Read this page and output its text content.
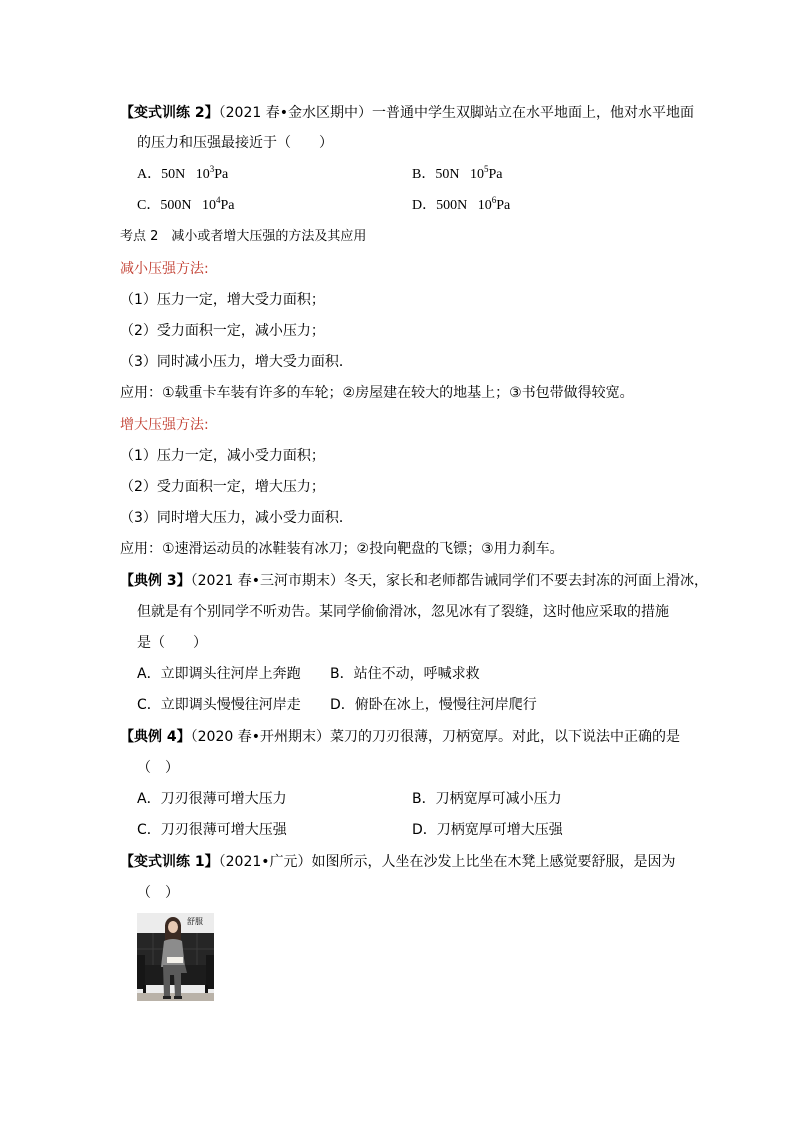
【变式训练 2】（2021 春•金水区期中）一普通中学生双脚站立在水平地面上，他对水平地面
的压力和压强最接近于（　　）
A．50N $10^3Pa$	B．50N $10^5Pa$
C．500N $10^4Pa$	D．500N $10^6Pa$
考点 2　减小或者增大压强的方法及其应用
减小压强方法:
（1）压力一定，增大受力面积；
（2）受力面积一定，减小压力；
（3）同时减小压力，增大受力面积．
应用：①载重卡车装有许多的车轮；②房屋建在较大的地基上；③书包带做得较宽。
增大压强方法:
（1）压力一定，减小受力面积；
（2）受力面积一定，增大压力；
（3）同时增大压力，减小受力面积．
应用：①速滑运动员的冰鞋装有冰刀；②投向靶盘的飞镖；③用力刹车。
【典例 3】（2021 春•三河市期末）冬天，家长和老师都告诫同学们不要去封冻的河面上滑冰，
但就是有个别同学不听劝告。某同学偷偷滑冰，忽见冰有了裂缝，这时他应采取的措施
是（　　）
A．立即调头往河岸上奔跑 B．站住不动，呼喊求救
C．立即调头慢慢往河岸走 D．俯卧在冰上，慢慢往河岸爬行
【典例 4】（2020 春•开州期末）菜刀的刀刃很薄，刀柄宽厚。对此，以下说法中正确的是
（　）
A．刀刃很薄可增大压力	B．刀柄宽厚可减小压力
C．刀刃很薄可增大压强	D．刀柄宽厚可增大压强
【变式训练 1】（2021•广元）如图所示，人坐在沙发上比坐在木凳上感觉要舒服，是因为
（　）
舒服
